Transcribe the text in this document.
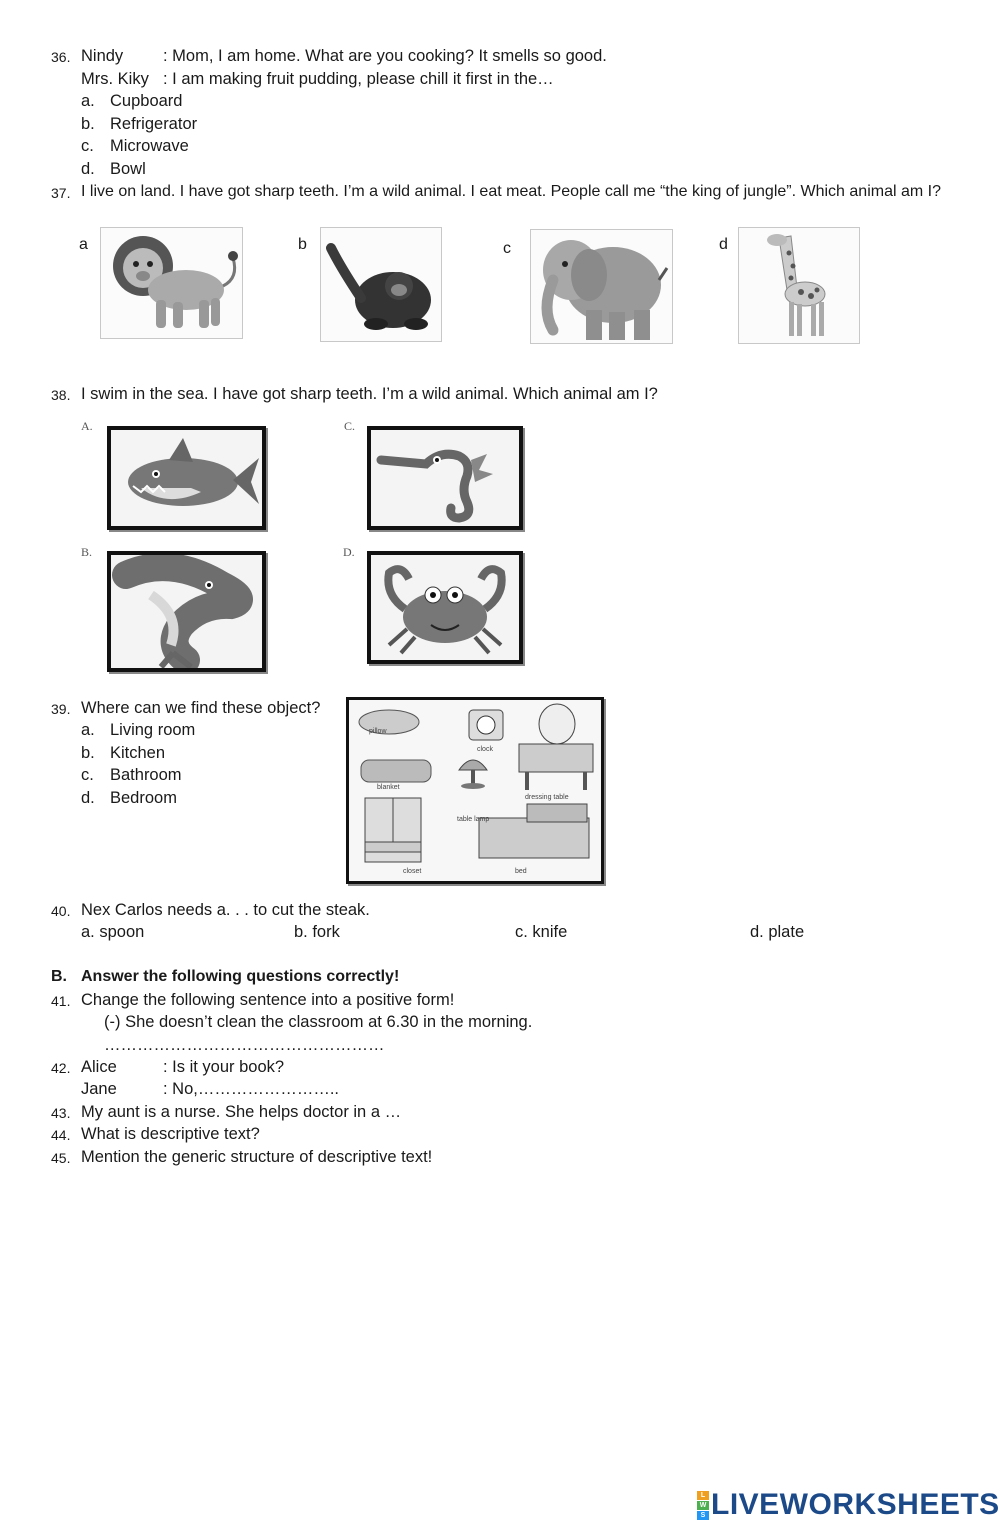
36. Nindy : Mom, I am home. What are you cooking? It smells so good.
Mrs. Kiky : I am making fruit pudding, please chill it first in the…
a. Cupboard
b. Refrigerator
c. Microwave
d. Bowl
37. I live on land. I have got sharp teeth. I’m a wild animal. I eat meat. People call me “the king of jungle”. Which animal am I?
a	b	c	d
38. I swim in the sea. I have got sharp teeth. I’m a wild animal. Which animal am I?
A.	C.
B.	D.
39. Where can we find these object?
a. Living room
b. Kitchen
c. Bathroom
d. Bedroom
pillow
clock
blanket
dressing table
table lamp
closet	bed
40. Nex Carlos needs a. . . to cut the steak.
a. spoon	b. fork	c. knife	d. plate
B. Answer the following questions correctly!
41. Change the following sentence into a positive form!
(-) She doesn’t clean the classroom at 6.30 in the morning.
……………………………………………
42. Alice	: Is it your book?
Jane	: No,……………………..
43. My aunt is a nurse. She helps doctor in a …
44. What is descriptive text?
45. Mention the generic structure of descriptive text!
L
W
S LIVEWORKSHEETS
